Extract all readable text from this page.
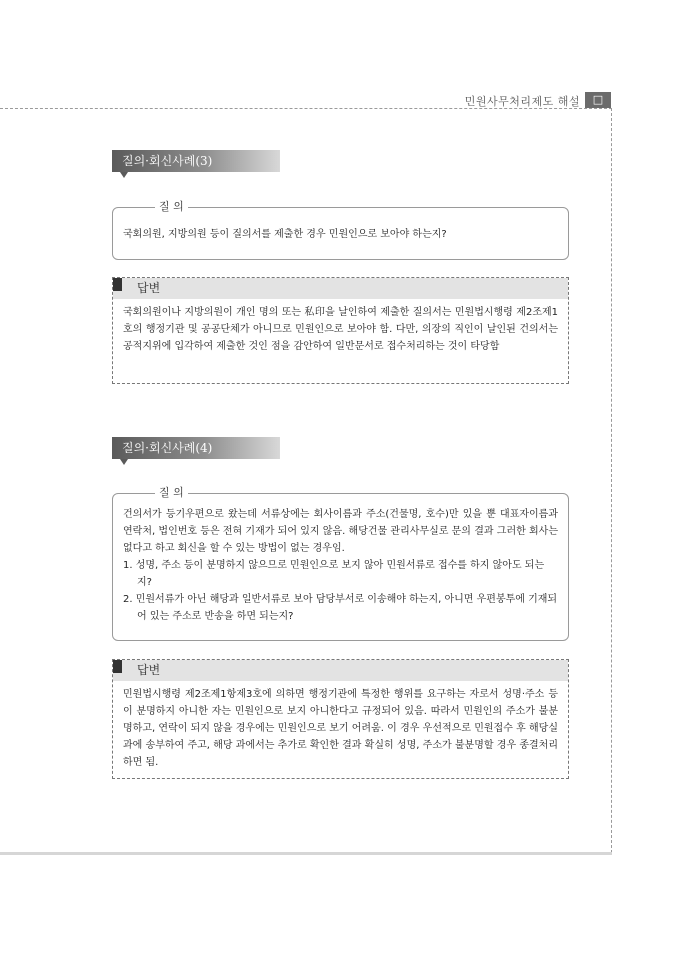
민원사무처리제도 해설	□
질의·회신사례(3)
질 의

국회의원, 지방의원 등이 질의서를 제출한 경우 민원인으로 보아야 하는지?

답변

국회의원이나 지방의원이 개인 명의 또는 私印을 날인하여 제출한 질의서는 민원법시행령 제2조제1호의 행정기관 및 공공단체가 아니므로 민원인으로 보아야 함. 다만, 의장의 직인이 날인된 건의서는 공적지위에 입각하여 제출한 것인 점을 감안하여 일반문서로 접수처리하는 것이 타당함

질의·회신사례(4)
질 의

건의서가 등기우편으로 왔는데 서류상에는 회사이름과 주소(건물명, 호수)만 있을 뿐 대표자이름과 연락처, 법인번호 등은 전혀 기재가 되어 있지 않음. 해당건물 관리사무실로 문의 결과 그러한 회사는 없다고 하고 회신을 할 수 있는 방법이 없는 경우임.

1. 성명, 주소 등이 분명하지 않으므로 민원인으로 보지 않아 민원서류로 접수를 하지 않아도 되는지?
2. 민원서류가 아닌 해당과 일반서류로 보아 담당부서로 이송해야 하는지, 아니면 우편봉투에 기재되어 있는 주소로 반송을 하면 되는지?
답변

민원법시행령 제2조제1항제3호에 의하면 행정기관에 특정한 행위를 요구하는 자로서 성명·주소 등이 분명하지 아니한 자는 민원인으로 보지 아니한다고 규정되어 있음. 따라서 민원인의 주소가 불분명하고, 연락이 되지 않을 경우에는 민원인으로 보기 어려움. 이 경우 우선적으로 민원접수 후 해당실과에 송부하여 주고, 해당 과에서는 추가로 확인한 결과 확실히 성명, 주소가 불분명할 경우 종결처리 하면 됨.
